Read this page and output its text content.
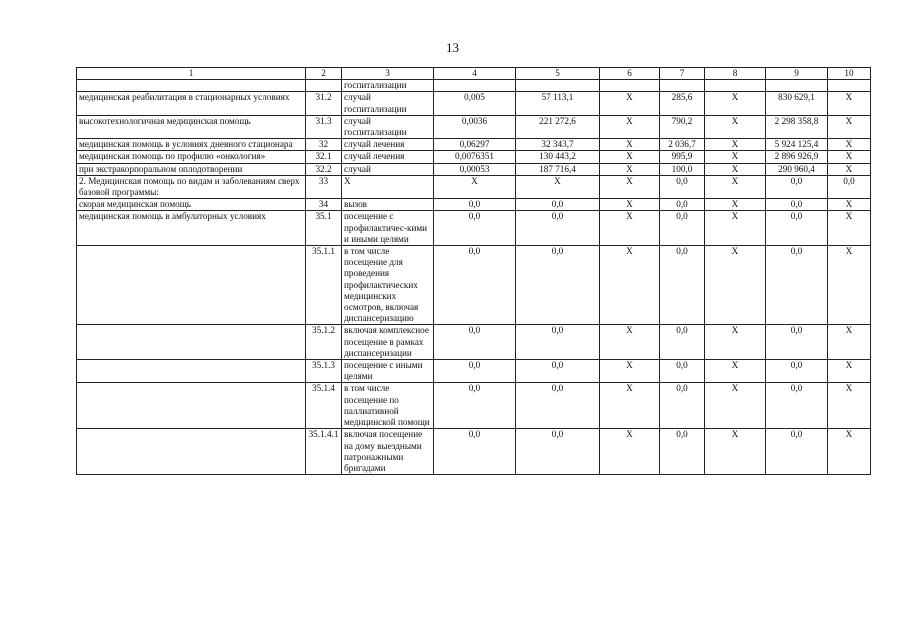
13
1	2	3	4	5	6	7	8	9	10
		госпитализации							
медицинская реабилитация в стационарных условиях	31.2	случай госпитализации	0,005	57 113,1	X	285,6	X	830 629,1	X
высокотехнологичная медицинская помощь	31.3	случай госпитализации	0,0036	221 272,6	X	790,2	X	2 298 358,8	X
медицинская помощь в условиях дневного стационара	32	случай лечения	0,06297	32 343,7	X	2 036,7	X	5 924 125,4	X
медицинская помощь по профилю «онкология»	32.1	случай лечения	0,0076351	130 443,2	X	995,9	X	2 896 926,9	X
при экстракорпоральном оплодотворении	32.2	случай	0,00053	187 716,4	X	100,0	X	290 960,4	X
2. Медицинская помощь по видам и заболеваниям сверх базовой программы:	33	X	X	X	X	0,0	X	0,0	0,0
скорая медицинская помощь	34	вызов	0,0	0,0	X	0,0	X	0,0	X
медицинская помощь в амбулаторных условиях	35.1	посещение с профилактичес-кими и иными целями	0,0	0,0	X	0,0	X	0,0	X
	35.1.1	в том числе посещение для проведения профилактических медицинских осмотров, включая диспансеризацию	0,0	0,0	X	0,0	X	0,0	X
	35.1.2	включая комплексное посещение в рамках диспансеризации	0,0	0,0	X	0,0	X	0,0	X
	35.1.3	посещение с иными целями	0,0	0,0	X	0,0	X	0,0	X
	35.1.4	в том числе посещение по паллиативной медицинской помощи	0,0	0,0	X	0,0	X	0,0	X
	35.1.4.1	включая посещение на дому выездными патронажными бригадами	0,0	0,0	X	0,0	X	0,0	X
